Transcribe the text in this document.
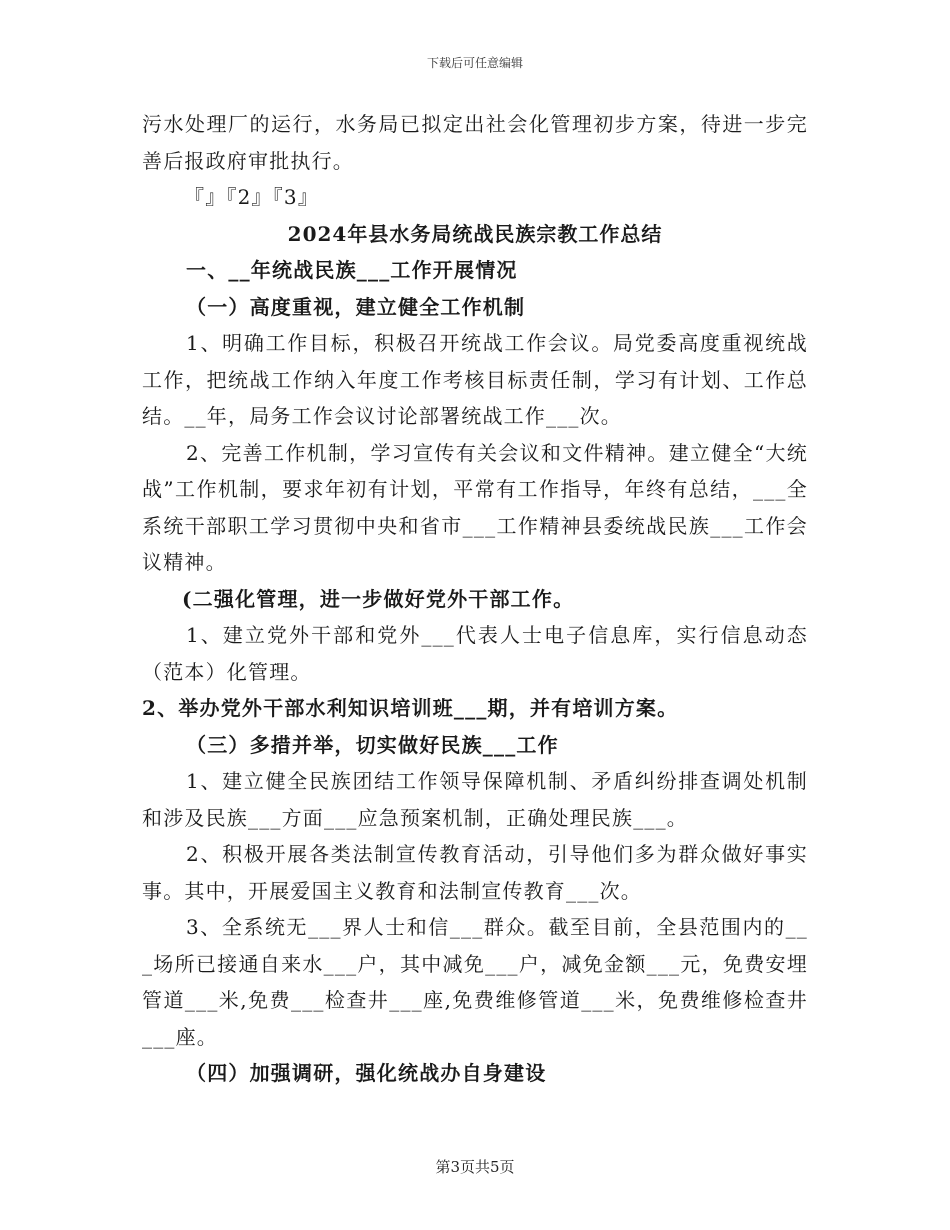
下载后可任意编辑

污水处理厂的运行，水务局已拟定出社会化管理初步方案，待进一步完善后报政府审批执行。

『』『2』『3』

2024年县水务局统战民族宗教工作总结

一、__年统战民族___工作开展情况

（一）高度重视，建立健全工作机制

1、明确工作目标，积极召开统战工作会议。局党委高度重视统战工作，把统战工作纳入年度工作考核目标责任制，学习有计划、工作总结。__年，局务工作会议讨论部署统战工作___次。

2、完善工作机制，学习宣传有关会议和文件精神。建立健全“大统战”工作机制，要求年初有计划，平常有工作指导，年终有总结，___全系统干部职工学习贯彻中央和省市___工作精神县委统战民族___工作会议精神。

(二强化管理，进一步做好党外干部工作。

1、建立党外干部和党外___代表人士电子信息库，实行信息动态（范本）化管理。

2、举办党外干部水利知识培训班___期，并有培训方案。

（三）多措并举，切实做好民族___工作

1、建立健全民族团结工作领导保障机制、矛盾纠纷排查调处机制和涉及民族___方面___应急预案机制，正确处理民族___。

2、积极开展各类法制宣传教育活动，引导他们多为群众做好事实事。其中，开展爱国主义教育和法制宣传教育___次。

3、全系统无___界人士和信___群众。截至目前，全县范围内的___场所已接通自来水___户，其中减免___户，减免金额___元，免费安埋管道___米,免费___检查井___座,免费维修管道___米，免费维修检查井___座。

（四）加强调研，强化统战办自身建设

第3页共5页
